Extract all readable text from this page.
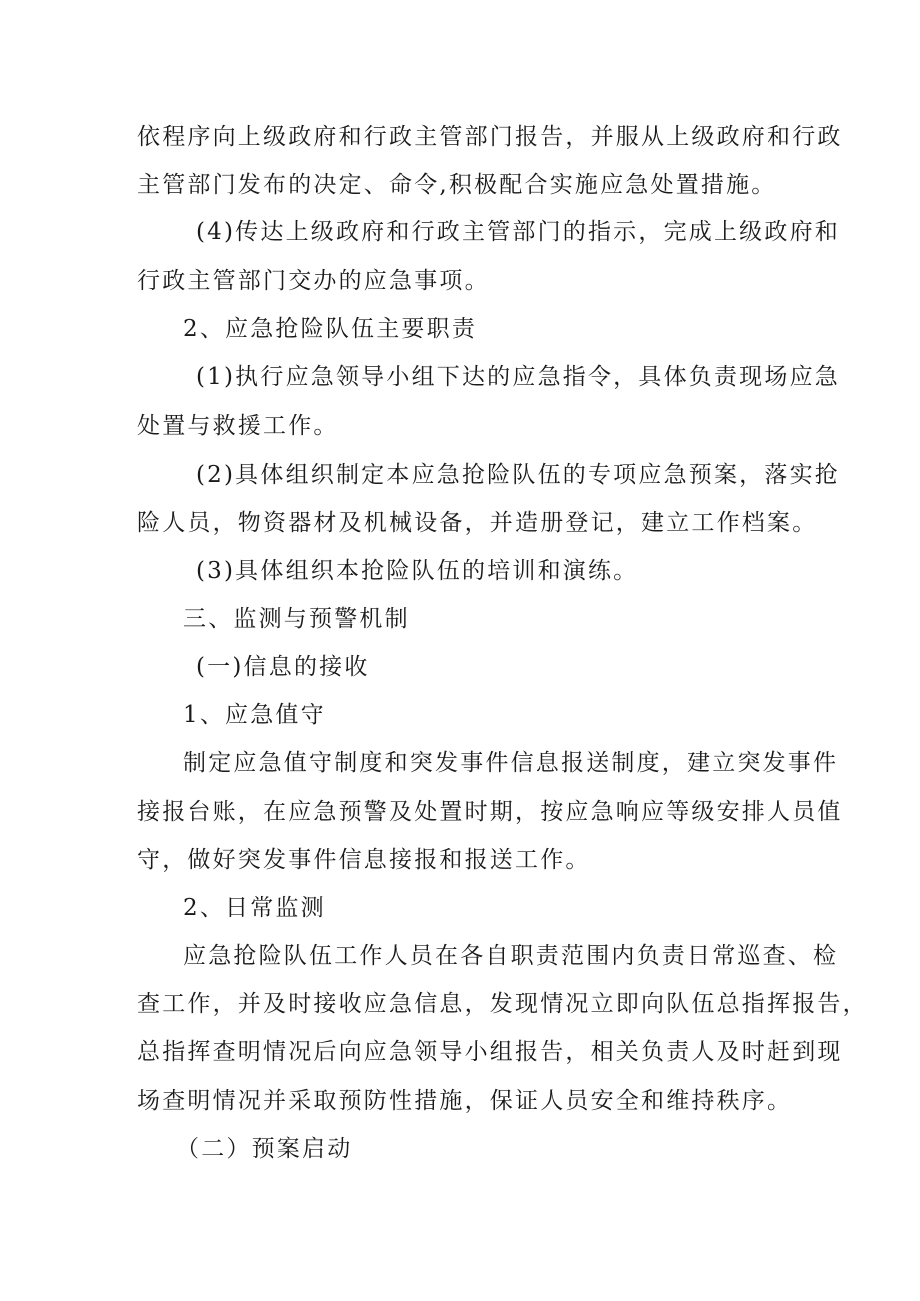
依程序向上级政府和行政主管部门报告，并服从上级政府和行政
主管部门发布的决定、命令,积极配合实施应急处置措施。
(4)传达上级政府和行政主管部门的指示，完成上级政府和
行政主管部门交办的应急事项。
2、应急抢险队伍主要职责
(1)执行应急领导小组下达的应急指令，具体负责现场应急
处置与救援工作。
(2)具体组织制定本应急抢险队伍的专项应急预案，落实抢
险人员，物资器材及机械设备，并造册登记，建立工作档案。
(3)具体组织本抢险队伍的培训和演练。
三、监测与预警机制
(一)信息的接收
1、应急值守
制定应急值守制度和突发事件信息报送制度，建立突发事件
接报台账，在应急预警及处置时期，按应急响应等级安排人员值
守，做好突发事件信息接报和报送工作。
2、日常监测
应急抢险队伍工作人员在各自职责范围内负责日常巡查、检
查工作，并及时接收应急信息，发现情况立即向队伍总指挥报告，
总指挥查明情况后向应急领导小组报告，相关负责人及时赶到现
场查明情况并采取预防性措施，保证人员安全和维持秩序。
（二）预案启动
